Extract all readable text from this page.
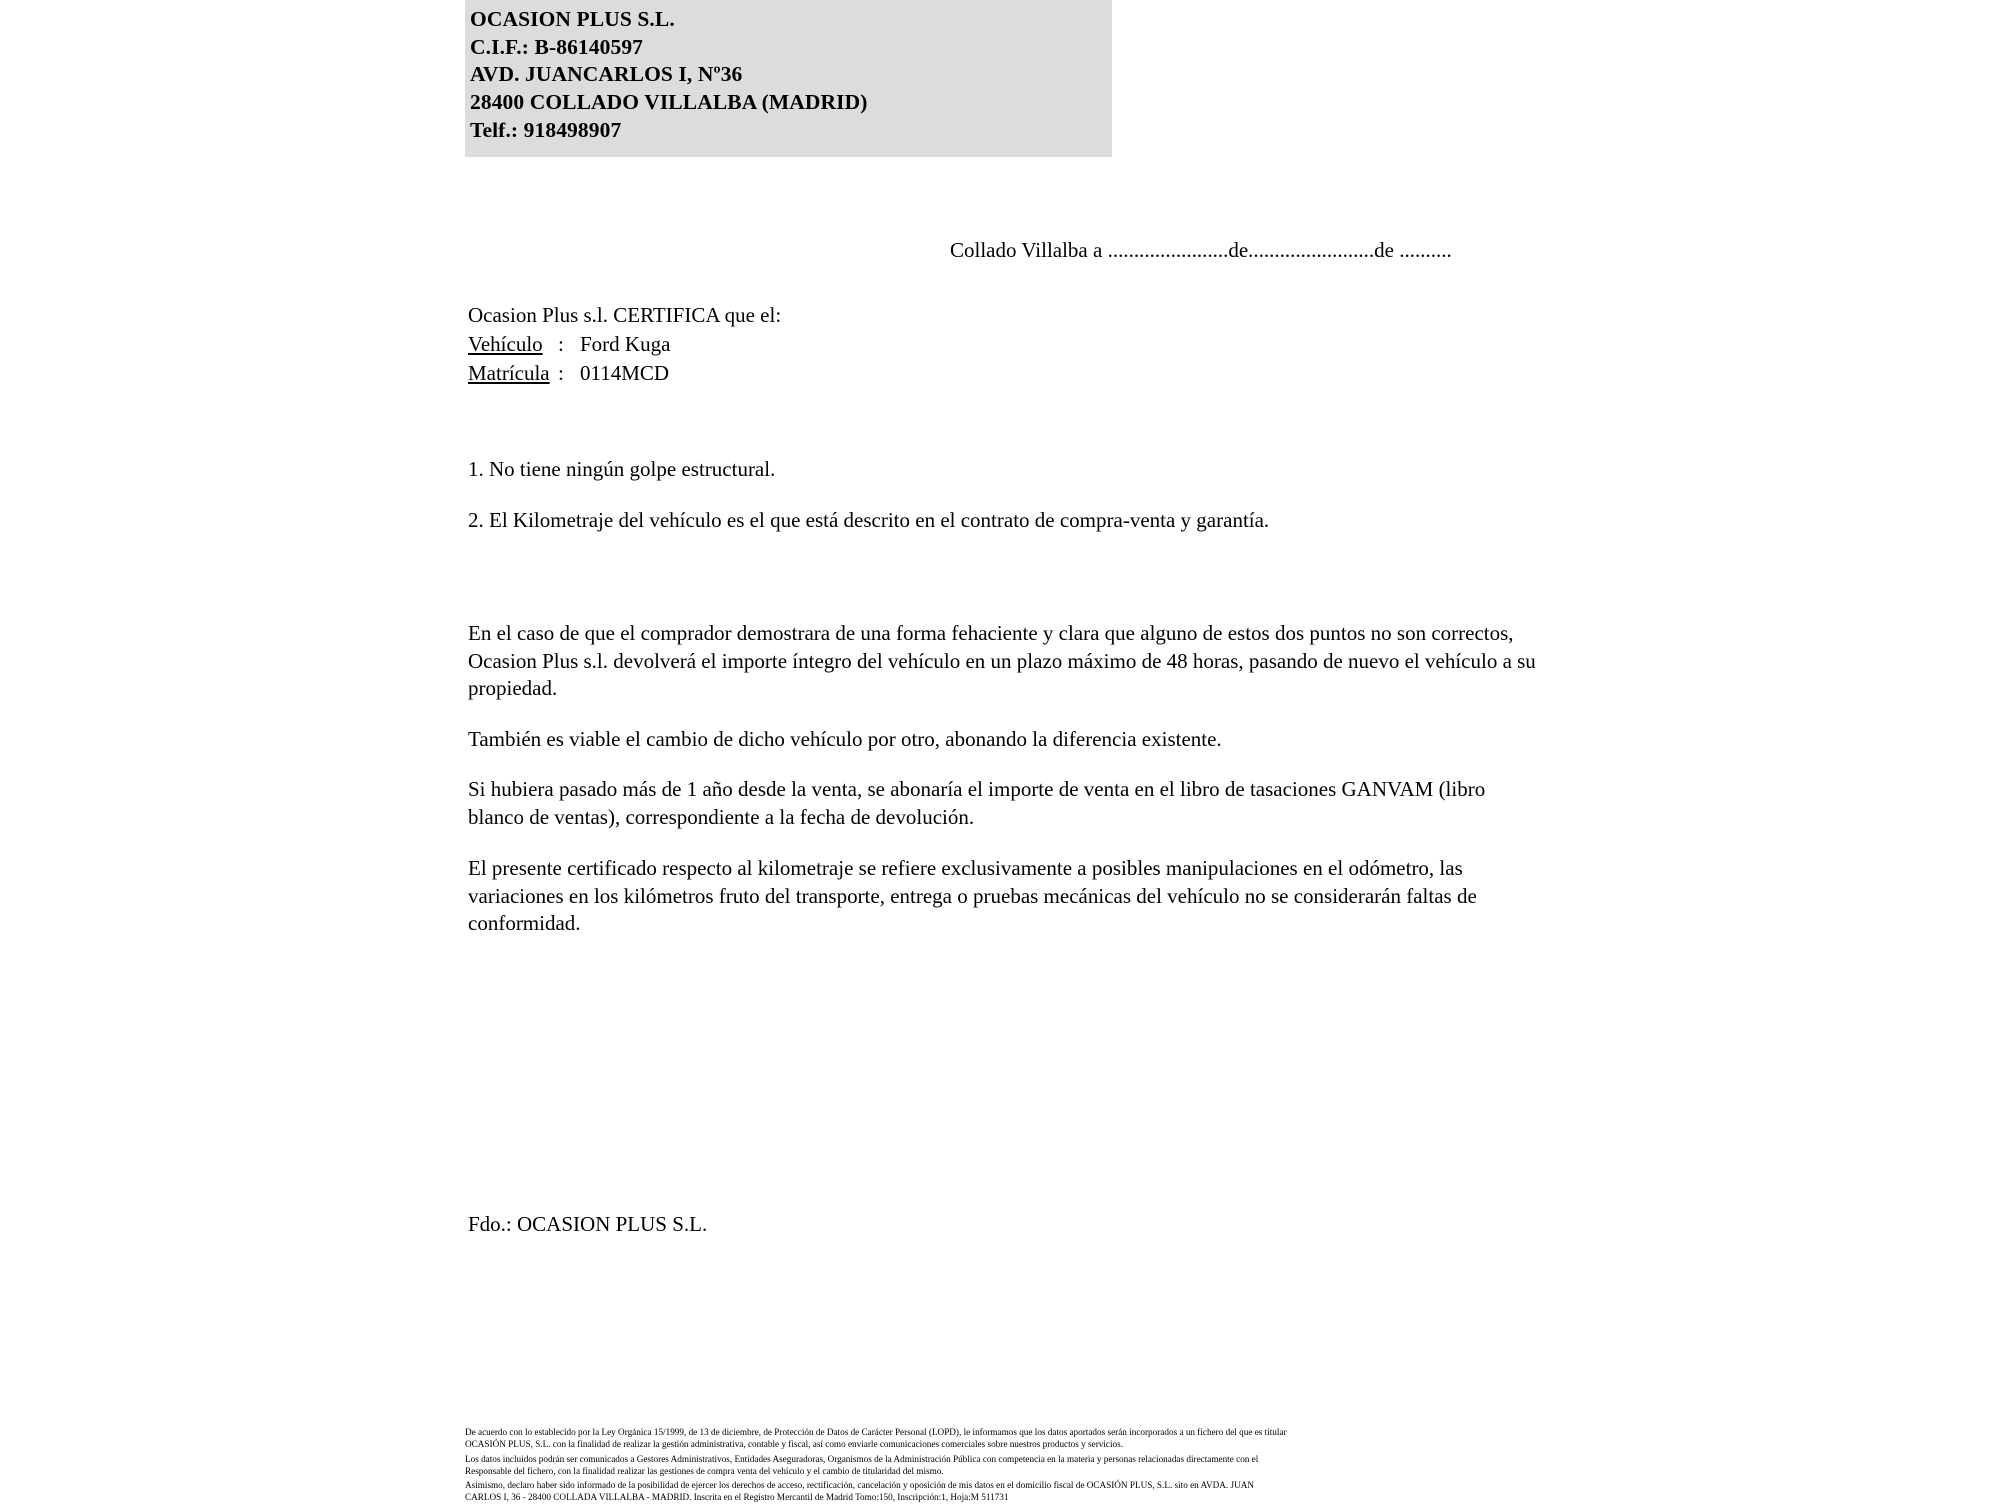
OCASION PLUS S.L.
C.I.F.: B-86140597
AVD. JUANCARLOS I, Nº36
28400 COLLADO VILLALBA (MADRID)
Telf.: 918498907
Collado Villalba a .......................de........................de ..........
Ocasion Plus s.l. CERTIFICA que el:
Vehículo : Ford Kuga
Matrícula : 0114MCD
1. No tiene ningún golpe estructural.
2. El Kilometraje del vehículo es el que está descrito en el contrato de compra-venta y garantía.
En el caso de que el comprador demostrara de una forma fehaciente y clara que alguno de estos dos puntos no son correctos, Ocasion Plus s.l. devolverá el importe íntegro del vehículo en un plazo máximo de 48 horas, pasando de nuevo el vehículo a su propiedad.
También es viable el cambio de dicho vehículo por otro, abonando la diferencia existente.
Si hubiera pasado más de 1 año desde la venta, se abonaría el importe de venta en el libro de tasaciones GANVAM (libro blanco de ventas), correspondiente a la fecha de devolución.
El presente certificado respecto al kilometraje se refiere exclusivamente a posibles manipulaciones en el odómetro, las variaciones en los kilómetros fruto del transporte, entrega o pruebas mecánicas del vehículo no se considerarán faltas de conformidad.
Fdo.: OCASION PLUS S.L.

De acuerdo con lo establecido por la Ley Orgánica 15/1999, de 13 de diciembre, de Protección de Datos de Carácter Personal (LOPD), le informamos que los datos aportados serán incorporados a un fichero del que es titular

OCASIÓN PLUS, S.L. con la finalidad de realizar la gestión administrativa, contable y fiscal, así como enviarle comunicaciones comerciales sobre nuestros productos y servicios.

Los datos incluidos podrán ser comunicados a Gestores Administrativos, Entidades Aseguradoras, Organismos de la Administración Pública con competencia en la materia y personas relacionadas directamente con el

Responsable del fichero, con la finalidad realizar las gestiones de compra venta del vehículo y el cambio de titularidad del mismo.

Asimismo, declaro haber sido informado de la posibilidad de ejercer los derechos de acceso, rectificación, cancelación y oposición de mis datos en el domicilio fiscal de OCASIÓN PLUS, S.L. sito en AVDA. JUAN

CARLOS I, 36 - 28400 COLLADA VILLALBA - MADRID. Inscrita en el Registro Mercantil de Madrid Tomo:150, Inscripción:1, Hoja:M 511731
